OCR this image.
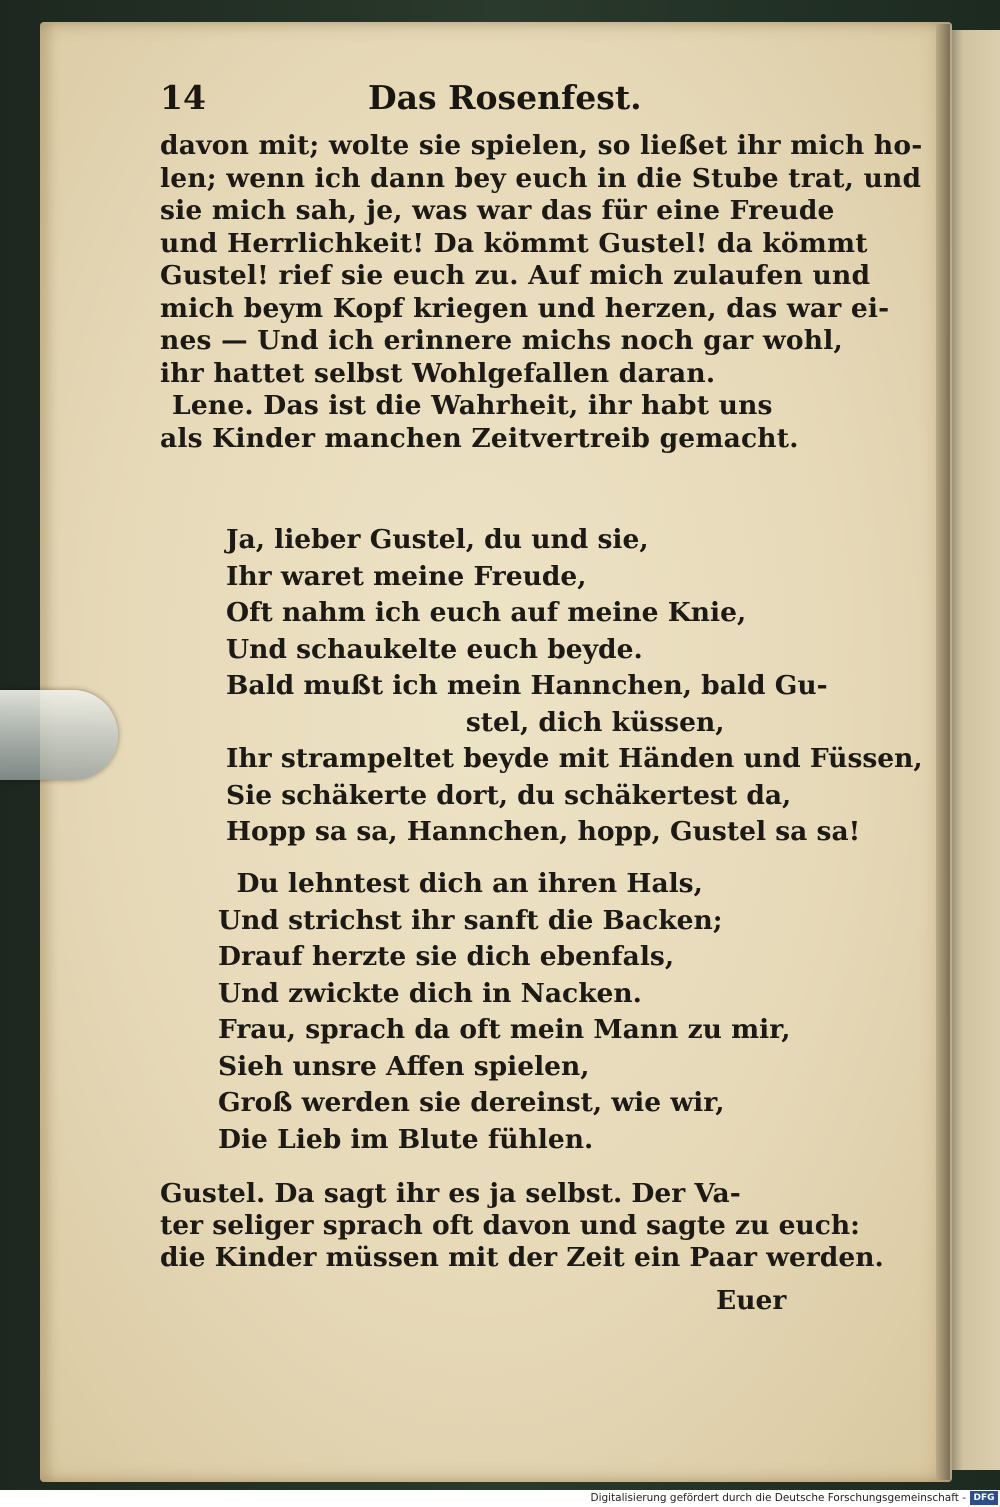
14	Das Rosenfest.
davon mit; wolte sie spielen, so ließet ihr mich ho-
len; wenn ich dann bey euch in die Stube trat, und
sie mich sah, je, was war das für eine Freude
und Herrlichkeit! Da kömmt Gustel! da kömmt
Gustel! rief sie euch zu. Auf mich zulaufen und
mich beym Kopf kriegen und herzen, das war ei-
nes — Und ich erinnere michs noch gar wohl,
ihr hattet selbst Wohlgefallen daran.
Lene. Das ist die Wahrheit, ihr habt uns
als Kinder manchen Zeitvertreib gemacht.
Ja, lieber Gustel, du und sie,
Ihr waret meine Freude,
Oft nahm ich euch auf meine Knie,
Und schaukelte euch beyde.
Bald mußt ich mein Hannchen, bald Gu-
stel, dich küssen,
Ihr strampeltet beyde mit Händen und Füssen,
Sie schäkerte dort, du schäkertest da,
Hopp sa sa, Hannchen, hopp, Gustel sa sa!
Du lehntest dich an ihren Hals,
Und strichst ihr sanft die Backen;
Drauf herzte sie dich ebenfals,
Und zwickte dich in Nacken.
Frau, sprach da oft mein Mann zu mir,
Sieh unsre Affen spielen,
Groß werden sie dereinst, wie wir,
Die Lieb im Blute fühlen.
Gustel. Da sagt ihr es ja selbst. Der Va-
ter seliger sprach oft davon und sagte zu euch:
die Kinder müssen mit der Zeit ein Paar werden.
Euer
Digitalisierung gefördert durch die Deutsche Forschungsgemeinschaft - DFG
